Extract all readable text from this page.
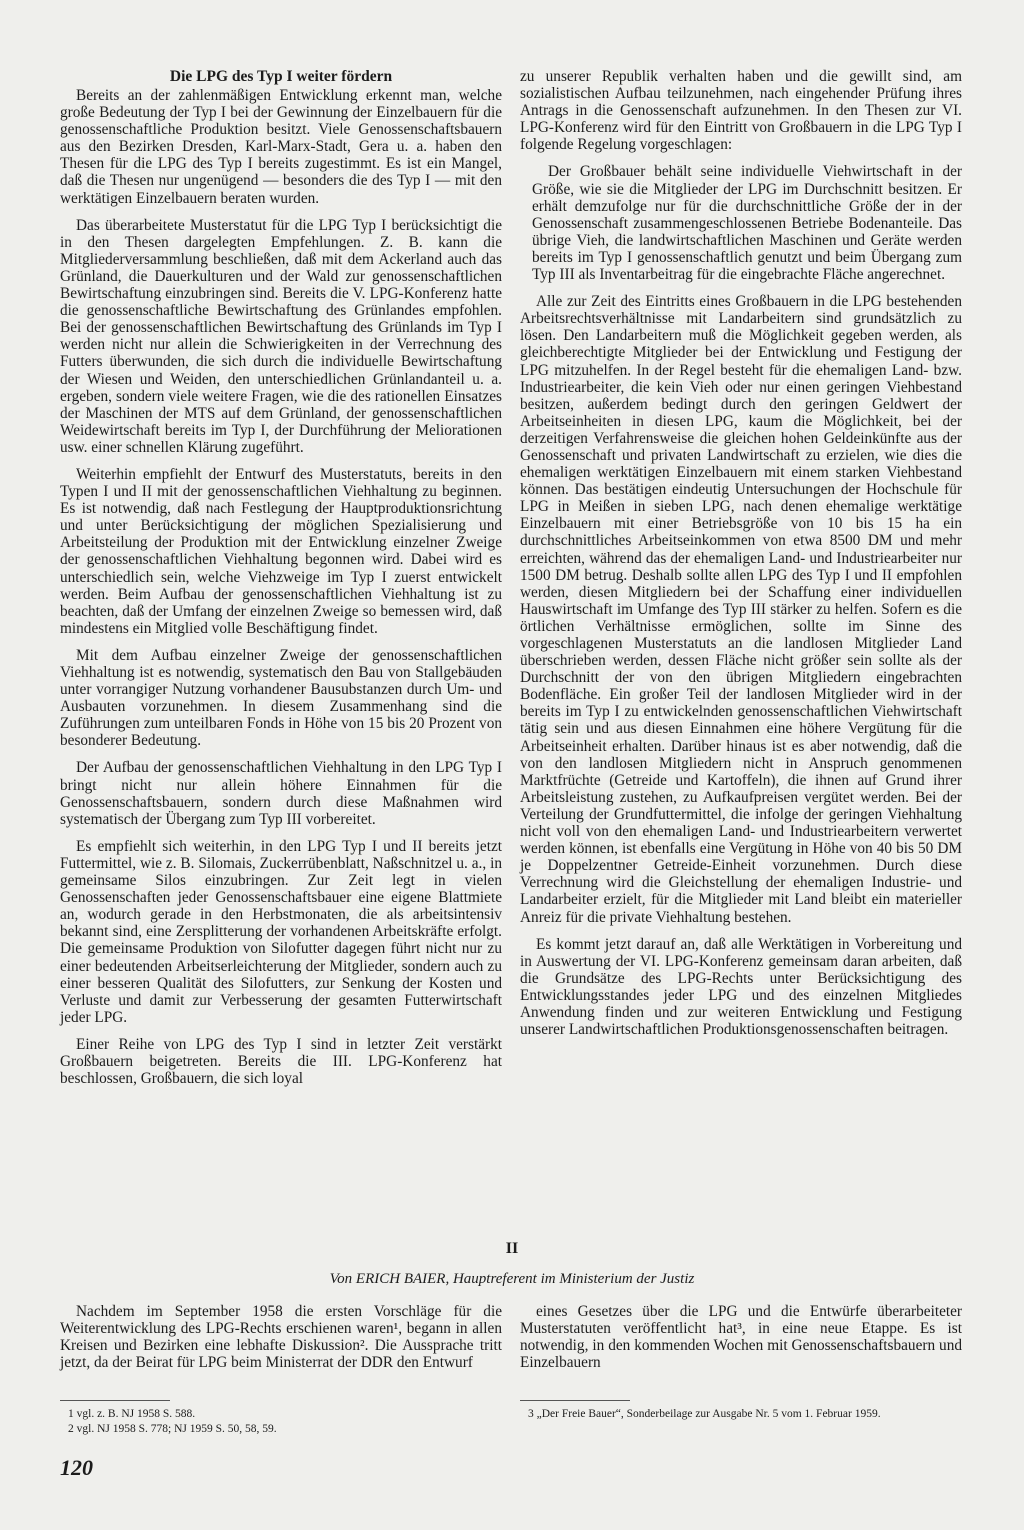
Die LPG des Typ I weiter fördern

Bereits an der zahlenmäßigen Entwicklung erkennt man, welche große Bedeutung der Typ I bei der Gewinnung der Einzelbauern für die genossenschaftliche Produktion besitzt. Viele Genossenschaftsbauern aus den Bezirken Dresden, Karl-Marx-Stadt, Gera u. a. haben den Thesen für die LPG des Typ I bereits zugestimmt. Es ist ein Mangel, daß die Thesen nur ungenügend — besonders die des Typ I — mit den werktätigen Einzelbauern beraten wurden.

Das überarbeitete Musterstatut für die LPG Typ I berücksichtigt die in den Thesen dargelegten Empfehlungen. Z. B. kann die Mitgliederversammlung beschließen, daß mit dem Ackerland auch das Grünland, die Dauerkulturen und der Wald zur genossenschaftlichen Bewirtschaftung einzubringen sind. Bereits die V. LPG-Konferenz hatte die genossenschaftliche Bewirtschaftung des Grünlandes empfohlen. Bei der genossenschaftlichen Bewirtschaftung des Grünlands im Typ I werden nicht nur allein die Schwierigkeiten in der Verrechnung des Futters überwunden, die sich durch die individuelle Bewirtschaftung der Wiesen und Weiden, den unterschiedlichen Grünlandanteil u. a. ergeben, sondern viele weitere Fragen, wie die des rationellen Einsatzes der Maschinen der MTS auf dem Grünland, der genossenschaftlichen Weidewirtschaft bereits im Typ I, der Durchführung der Meliorationen usw. einer schnellen Klärung zugeführt.

Weiterhin empfiehlt der Entwurf des Musterstatuts, bereits in den Typen I und II mit der genossenschaftlichen Viehhaltung zu beginnen. Es ist notwendig, daß nach Festlegung der Hauptproduktionsrichtung und unter Berücksichtigung der möglichen Spezialisierung und Arbeitsteilung der Produktion mit der Entwicklung einzelner Zweige der genossenschaftlichen Viehhaltung begonnen wird. Dabei wird es unterschiedlich sein, welche Viehzweige im Typ I zuerst entwickelt werden. Beim Aufbau der genossenschaftlichen Viehhaltung ist zu beachten, daß der Umfang der einzelnen Zweige so bemessen wird, daß mindestens ein Mitglied volle Beschäftigung findet.

Mit dem Aufbau einzelner Zweige der genossenschaftlichen Viehhaltung ist es notwendig, systematisch den Bau von Stallgebäuden unter vorrangiger Nutzung vorhandener Bausubstanzen durch Um- und Ausbauten vorzunehmen. In diesem Zusammenhang sind die Zuführungen zum unteilbaren Fonds in Höhe von 15 bis 20 Prozent von besonderer Bedeutung.

Der Aufbau der genossenschaftlichen Viehhaltung in den LPG Typ I bringt nicht nur allein höhere Einnahmen für die Genossenschaftsbauern, sondern durch diese Maßnahmen wird systematisch der Übergang zum Typ III vorbereitet.

Es empfiehlt sich weiterhin, in den LPG Typ I und II bereits jetzt Futtermittel, wie z. B. Silomais, Zuckerrübenblatt, Naßschnitzel u. a., in gemeinsame Silos einzubringen. Zur Zeit legt in vielen Genossenschaften jeder Genossenschaftsbauer eine eigene Blattmiete an, wodurch gerade in den Herbstmonaten, die als arbeitsintensiv bekannt sind, eine Zersplitterung der vorhandenen Arbeitskräfte erfolgt. Die gemeinsame Produktion von Silofutter dagegen führt nicht nur zu einer bedeutenden Arbeitserleichterung der Mitglieder, sondern auch zu einer besseren Qualität des Silofutters, zur Senkung der Kosten und Verluste und damit zur Verbesserung der gesamten Futterwirtschaft jeder LPG.

Einer Reihe von LPG des Typ I sind in letzter Zeit verstärkt Großbauern beigetreten. Bereits die III. LPG-Konferenz hat beschlossen, Großbauern, die sich loyal

zu unserer Republik verhalten haben und die gewillt sind, am sozialistischen Aufbau teilzunehmen, nach eingehender Prüfung ihres Antrags in die Genossenschaft aufzunehmen. In den Thesen zur VI. LPG-Konferenz wird für den Eintritt von Großbauern in die LPG Typ I folgende Regelung vorgeschlagen:

Der Großbauer behält seine individuelle Viehwirtschaft in der Größe, wie sie die Mitglieder der LPG im Durchschnitt besitzen. Er erhält demzufolge nur für die durchschnittliche Größe der in der Genossenschaft zusammengeschlossenen Betriebe Bodenanteile. Das übrige Vieh, die landwirtschaftlichen Maschinen und Geräte werden bereits im Typ I genossenschaftlich genutzt und beim Übergang zum Typ III als Inventarbeitrag für die eingebrachte Fläche angerechnet.

Alle zur Zeit des Eintritts eines Großbauern in die LPG bestehenden Arbeitsrechtsverhältnisse mit Landarbeitern sind grundsätzlich zu lösen. Den Landarbeitern muß die Möglichkeit gegeben werden, als gleichberechtigte Mitglieder bei der Entwicklung und Festigung der LPG mitzuhelfen. In der Regel besteht für die ehemaligen Land- bzw. Industriearbeiter, die kein Vieh oder nur einen geringen Viehbestand besitzen, außerdem bedingt durch den geringen Geldwert der Arbeitseinheiten in diesen LPG, kaum die Möglichkeit, bei der derzeitigen Verfahrensweise die gleichen hohen Geldeinkünfte aus der Genossenschaft und privaten Landwirtschaft zu erzielen, wie dies die ehemaligen werktätigen Einzelbauern mit einem starken Viehbestand können. Das bestätigen eindeutig Untersuchungen der Hochschule für LPG in Meißen in sieben LPG, nach denen ehemalige werktätige Einzelbauern mit einer Betriebsgröße von 10 bis 15 ha ein durchschnittliches Arbeitseinkommen von etwa 8500 DM und mehr erreichten, während das der ehemaligen Land- und Industriearbeiter nur 1500 DM betrug. Deshalb sollte allen LPG des Typ I und II empfohlen werden, diesen Mitgliedern bei der Schaffung einer individuellen Hauswirtschaft im Umfange des Typ III stärker zu helfen. Sofern es die örtlichen Verhältnisse ermöglichen, sollte im Sinne des vorgeschlagenen Musterstatuts an die landlosen Mitglieder Land überschrieben werden, dessen Fläche nicht größer sein sollte als der Durchschnitt der von den übrigen Mitgliedern eingebrachten Bodenfläche. Ein großer Teil der landlosen Mitglieder wird in der bereits im Typ I zu entwickelnden genossenschaftlichen Viehwirtschaft tätig sein und aus diesen Einnahmen eine höhere Vergütung für die Arbeitseinheit erhalten. Darüber hinaus ist es aber notwendig, daß die von den landlosen Mitgliedern nicht in Anspruch genommenen Marktfrüchte (Getreide und Kartoffeln), die ihnen auf Grund ihrer Arbeitsleistung zustehen, zu Aufkaufpreisen vergütet werden. Bei der Verteilung der Grundfuttermittel, die infolge der geringen Viehhaltung nicht voll von den ehemaligen Land- und Industriearbeitern verwertet werden können, ist ebenfalls eine Vergütung in Höhe von 40 bis 50 DM je Doppelzentner Getreide-Einheit vorzunehmen. Durch diese Verrechnung wird die Gleichstellung der ehemaligen Industrie- und Landarbeiter erzielt, für die Mitglieder mit Land bleibt ein materieller Anreiz für die private Viehhaltung bestehen.

Es kommt jetzt darauf an, daß alle Werktätigen in Vorbereitung und in Auswertung der VI. LPG-Konferenz gemeinsam daran arbeiten, daß die Grundsätze des LPG-Rechts unter Berücksichtigung des Entwicklungsstandes jeder LPG und des einzelnen Mitgliedes Anwendung finden und zur weiteren Entwicklung und Festigung unserer Landwirtschaftlichen Produktionsgenossenschaften beitragen.

II
Von ERICH BAIER, Hauptreferent im Ministerium der Justiz

Nachdem im September 1958 die ersten Vorschläge für die Weiterentwicklung des LPG-Rechts erschienen waren¹, begann in allen Kreisen und Bezirken eine lebhafte Diskussion². Die Aussprache tritt jetzt, da der Beirat für LPG beim Ministerrat der DDR den Entwurf

eines Gesetzes über die LPG und die Entwürfe überarbeiteter Musterstatuten veröffentlicht hat³, in eine neue Etappe. Es ist notwendig, in den kommenden Wochen mit Genossenschaftsbauern und Einzelbauern

1 vgl. z. B. NJ 1958 S. 588.
2 vgl. NJ 1958 S. 778; NJ 1959 S. 50, 58, 59.
3 „Der Freie Bauer“, Sonderbeilage zur Ausgabe Nr. 5 vom 1. Februar 1959.
120
